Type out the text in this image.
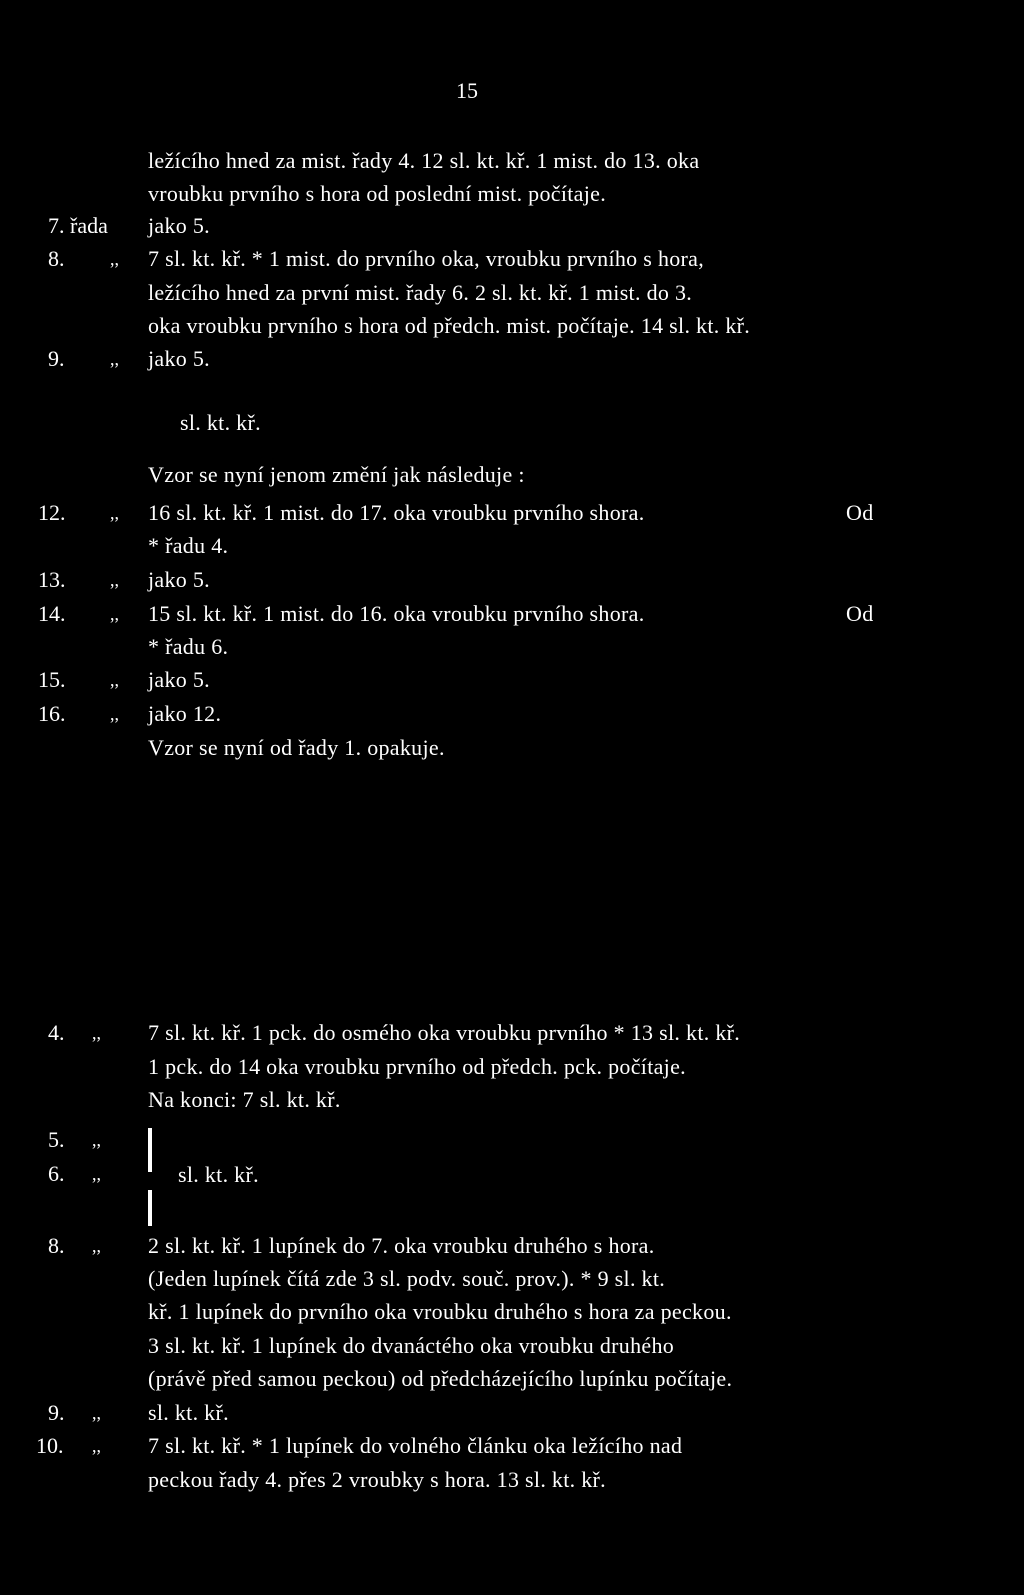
15
ležícího hned za mist. řady 4. 12 sl. kt. kř. 1 mist. do 13. oka
vroubku prvního s hora od poslední mist. počítaje.
7. řada jako 5.
8.	,, 7 sl. kt. kř. * 1 mist. do prvního oka, vroubku prvního s hora,
ležícího hned za první mist. řady 6. 2 sl. kt. kř. 1 mist. do 3.
oka vroubku prvního s hora od předch. mist. počítaje. 14 sl. kt. kř.
9.	,, jako 5.
sl. kt. kř.
Vzor se nyní jenom změní jak následuje :
12. ,, 16 sl. kt. kř. 1 mist. do 17. oka vroubku prvního shora.	Od
* řadu 4.
13. ,, jako 5.
14. ,, 15 sl. kt. kř. 1 mist. do 16. oka vroubku prvního shora.	Od
* řadu 6.
15. ,, jako 5.
16. ,, jako 12.
Vzor se nyní od řady 1. opakuje.
4. ,, 7 sl. kt. kř. 1 pck. do osmého oka vroubku prvního * 13 sl. kt. kř.
1 pck. do 14 oka vroubku prvního od předch. pck. počítaje.
Na konci: 7 sl. kt. kř.
5. ,,
6. ,,	sl. kt. kř.
8. ,, 2 sl. kt. kř. 1 lupínek do 7. oka vroubku druhého s hora.
(Jeden lupínek čítá zde 3 sl. podv. souč. prov.). * 9 sl. kt.
kř. 1 lupínek do prvního oka vroubku druhého s hora za peckou.
3 sl. kt. kř. 1 lupínek do dvanáctého oka vroubku druhého
(právě před samou peckou) od předcházejícího lupínku počítaje.
9. ,, sl. kt. kř.
10. ,, 7 sl. kt. kř. * 1 lupínek do volného článku oka ležícího nad
peckou řady 4. přes 2 vroubky s hora. 13 sl. kt. kř.
